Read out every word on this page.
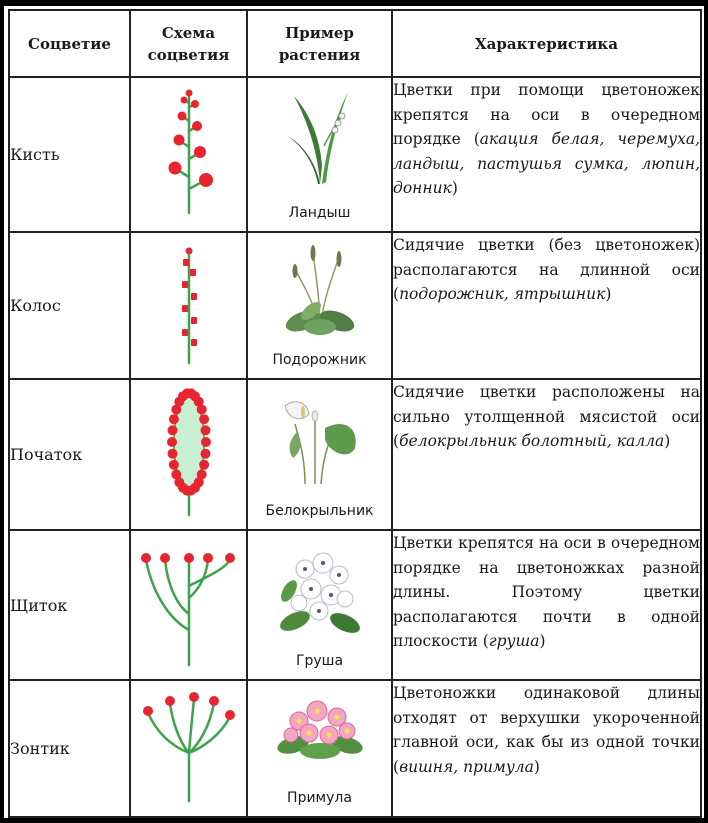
Соцветие	Схема соцветия	Пример растения	Характеристика
Кисть		Ландыш	Цветки при помощи цветоножек крепятся на оси в очередном порядке (акация белая, черемуха, ландыш, пастушья сумка, люпин, донник)
Колос		Подорожник	Сидячие цветки (без цветоножек) располагаются на длинной оси (подорожник, ятрышник)
Початок		Белокрыльник	Сидячие цветки расположены на сильно утолщенной мясистой оси (белокрыльник болотный, калла)
Щиток		Груша	Цветки крепятся на оси в очередном порядке на цветоножках разной длины. Поэтому цветки располагаются почти в одной плоскости (груша)
Зонтик		Примула	Цветоножки одинаковой длины отходят от верхушки укороченной главной оси, как бы из одной точки (вишня, примула)
